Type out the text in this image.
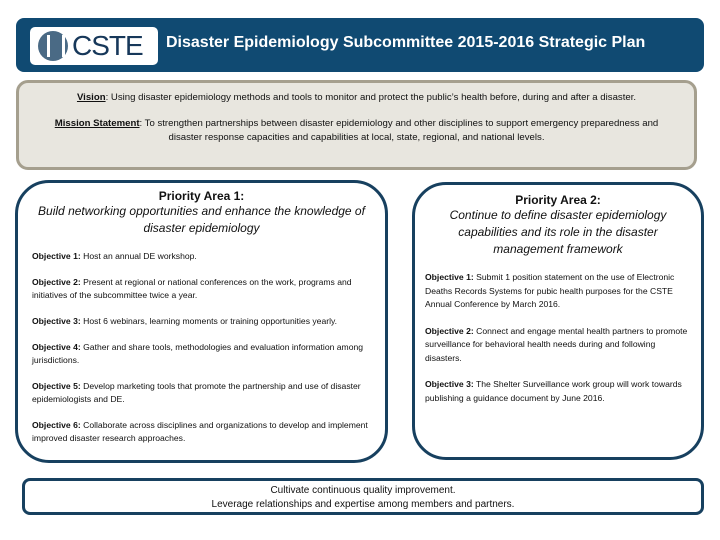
CSTE Disaster Epidemiology Subcommittee 2015-2016 Strategic Plan

Vision: Using disaster epidemiology methods and tools to monitor and protect the public’s health before, during and after a disaster.

Mission Statement: To strengthen partnerships between disaster epidemiology and other disciplines to support emergency preparedness and disaster response capacities and capabilities at local, state, regional, and national levels.

Priority Area 1:
Build networking opportunities and enhance the knowledge of disaster epidemiology
Objective 1: Host an annual DE workshop.
Objective 2: Present at regional or national conferences on the work, programs and initiatives of the subcommittee twice a year.
Objective 3: Host 6 webinars, learning moments or training opportunities yearly.
Objective 4: Gather and share tools, methodologies and evaluation information among jurisdictions.
Objective 5: Develop marketing tools that promote the partnership and use of disaster epidemiologists and DE.
Objective 6: Collaborate across disciplines and organizations to develop and implement improved disaster research approaches.
Priority Area 2:
Continue to define disaster epidemiology capabilities and its role in the disaster management framework
Objective 1: Submit 1 position statement on the use of Electronic Deaths Records Systems for pubic health purposes for the CSTE Annual Conference by March 2016.
Objective 2: Connect and engage mental health partners to promote surveillance for behavioral health needs during and following disasters.
Objective 3: The Shelter Surveillance work group will work towards publishing a guidance document by June 2016.
Cultivate continuous quality improvement.
Leverage relationships and expertise among members and partners.
